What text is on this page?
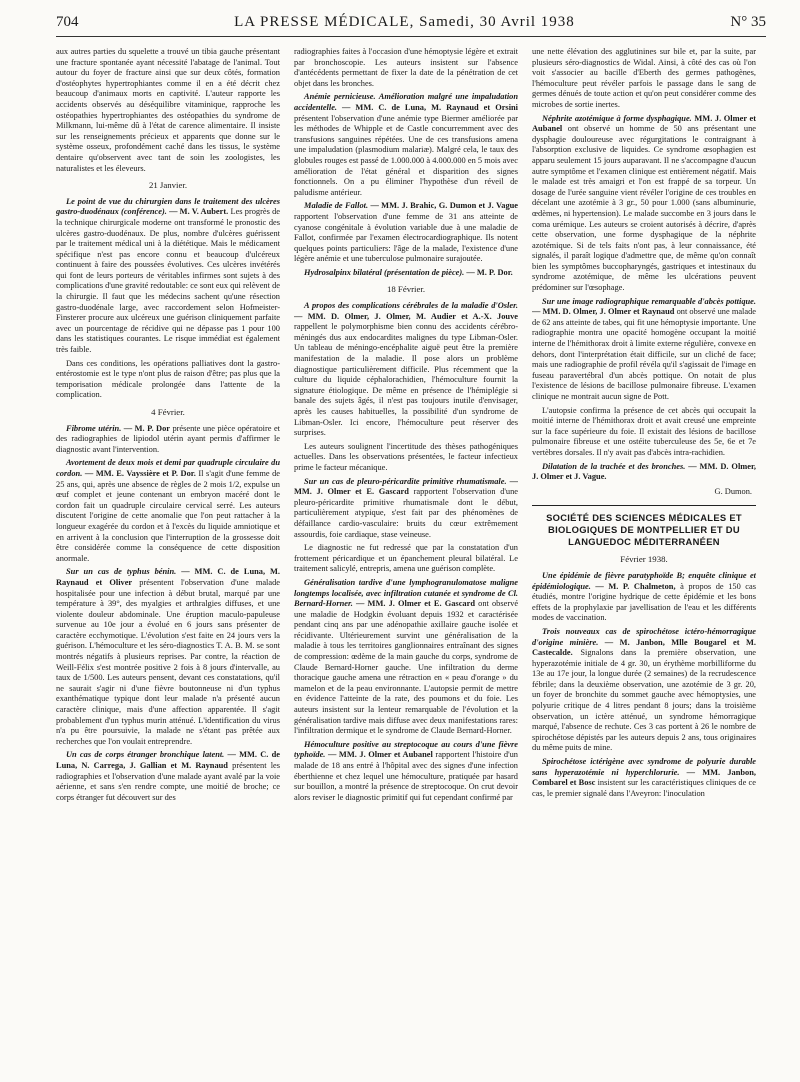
704	LA PRESSE MÉDICALE, Samedi, 30 Avril 1938	N° 35

aux autres parties du squelette a trouvé un tibia gauche présentant une fracture spontanée ayant nécessité l'abatage de l'animal. Tout autour du foyer de fracture ainsi que sur deux côtés, formation d'ostéophytes hypertrophiantes comme il en a été décrit chez beaucoup d'animaux morts en captivité. L'auteur rapporte les accidents observés au déséquilibre vitaminique, rapproche les ostéopathies hypertrophiantes des ostéopathies du syndrome de Milkmann, lui-même dû à l'état de carence alimentaire. Il insiste sur les renseignements précieux et apparents que donne sur le système osseux, profondément caché dans les tissus, le système dentaire qu'observent avec tant de soin les zoologistes, les naturalistes et les éleveurs.

21 Janvier.

Le point de vue du chirurgien dans le traitement des ulcères gastro-duodénaux (conférence). — M. V. Aubert. Les progrès de la technique chirurgicale moderne ont transformé le pronostic des ulcères gastro-duodénaux. De plus, nombre d'ulcères guérissent par le traitement médical uni à la diététique. Mais le médicament spécifique n'est pas encore connu et beaucoup d'ulcéreux continuent à faire des poussées évolutives. Ces ulcères invétérés qui font de leurs porteurs de véritables infirmes sont sujets à des complications d'une gravité redoutable: ce sont eux qui relèvent de la chirurgie. Il faut que les médecins sachent qu'une résection gastro-duodénale large, avec raccordement selon Hofmeister-Finsterer procure aux ulcéreux une guérison cliniquement parfaite avec un pourcentage de récidive qui ne dépasse pas 1 pour 100 dans les statistiques courantes. Le risque immédiat est également très faible.

Dans ces conditions, les opérations palliatives dont la gastro-entérostomie est le type n'ont plus de raison d'être; pas plus que la temporisation médicale prolongée dans l'attente de la complication.

4 Février.

Fibrome utérin. — M. P. Dor présente une pièce opératoire et des radiographies de lipiodol utérin ayant permis d'affirmer le diagnostic avant l'intervention.

Avortement de deux mois et demi par quadruple circulaire du cordon. — MM. E. Vayssière et P. Dor. Il s'agit d'une femme de 25 ans, qui, après une absence de règles de 2 mois 1/2, expulse un œuf complet et jeune contenant un embryon macéré dont le cordon fait un quadruple circulaire cervical serré. Les auteurs discutent l'origine de cette anomalie que l'on peut rattacher à la longueur exagérée du cordon et à l'excès du liquide amniotique et en arrivent à la conclusion que l'interruption de la grossesse doit être considérée comme la conséquence de cette disposition anormale.

Sur un cas de typhus bénin. — MM. C. de Luna, M. Raynaud et Oliver présentent l'observation d'une malade hospitalisée pour une infection à début brutal, marqué par une température à 39°, des myalgies et arthralgies diffuses, et une violente douleur abdominale. Une éruption maculo-papuleuse survenue au 10e jour a évolué en 6 jours sans présenter de caractère ecchymotique. L'évolution s'est faite en 24 jours vers la guérison. L'hémoculture et les séro-diagnostics T. A. B. M. se sont montrés négatifs à plusieurs reprises. Par contre, la réaction de Weill-Félix s'est montrée positive 2 fois à 8 jours d'intervalle, au taux de 1/500. Les auteurs pensent, devant ces constatations, qu'il ne saurait s'agir ni d'une fièvre boutonneuse ni d'un typhus exanthématique typique dont leur malade n'a présenté aucun caractère clinique, mais d'une affection apparentée. Il s'agit probablement d'un typhus murin atténué. L'identification du virus n'a pu être poursuivie, la malade ne s'étant pas prêtée aux recherches que l'on voulait entreprendre.

Un cas de corps étranger bronchique latent. — MM. C. de Luna, N. Carrega, J. Gallian et M. Raynaud présentent les radiographies et l'observation d'une malade ayant avalé par la voie aérienne, et sans s'en rendre compte, une moitié de broche; ce corps étranger fut découvert sur des

radiographies faites à l'occasion d'une hémoptysie légère et extrait par bronchoscopie. Les auteurs insistent sur l'absence d'antécédents permettant de fixer la date de la pénétration de cet objet dans les bronches.

Anémie pernicieuse. Amélioration malgré une impaludation accidentelle. — MM. C. de Luna, M. Raynaud et Orsini présentent l'observation d'une anémie type Biermer améliorée par les méthodes de Whipple et de Castle concurremment avec des transfusions sanguines répétées. Une de ces transfusions amena une impaludation (plasmodium malariæ). Malgré cela, le taux des globules rouges est passé de 1.000.000 à 4.000.000 en 5 mois avec amélioration de l'état général et disparition des signes fonctionnels. On a pu éliminer l'hypothèse d'un réveil de paludisme antérieur.

Maladie de Fallot. — MM. J. Brahic, G. Dumon et J. Vague rapportent l'observation d'une femme de 31 ans atteinte de cyanose congénitale à évolution variable due à une maladie de Fallot, confirmée par l'examen électrocardiographique. Ils notent quelques points particuliers: l'âge de la malade, l'existence d'une légère anémie et une tuberculose pulmonaire surajoutée.

Hydrosalpinx bilatéral (présentation de pièce). — M. P. Dor.

18 Février.

A propos des complications cérébrales de la maladie d'Osler. — MM. D. Olmer, J. Olmer, M. Audier et A.-X. Jouve rappellent le polymorphisme bien connu des accidents cérébro-méningés dus aux endocardites malignes du type Libman-Osler. Un tableau de méningo-encéphalite aiguë peut être la première manifestation de la maladie. Il pose alors un problème diagnostique particulièrement difficile. Plus récemment que la culture du liquide céphalorachidien, l'hémoculture fournit la signature étiologique. De même en présence de l'hémiplégie si banale des sujets âgés, il n'est pas toujours inutile d'envisager, après les causes habituelles, la possibilité d'un syndrome de Libman-Osler. Ici encore, l'hémoculture peut réserver des surprises.

Les auteurs soulignent l'incertitude des thèses pathogéniques actuelles. Dans les observations présentées, le facteur infectieux prime le facteur mécanique.

Sur un cas de pleuro-péricardite primitive rhumatismale. — MM. J. Olmer et E. Gascard rapportent l'observation d'une pleuro-péricardite primitive rhumatismale dont le début, particulièrement atypique, s'est fait par des phénomènes de défaillance cardio-vasculaire: bruits du cœur extrêmement assourdis, foie cardiaque, stase veineuse.

Le diagnostic ne fut redressé que par la constatation d'un frottement péricardique et un épanchement pleural bilatéral. Le traitement salicylé, entrepris, amena une guérison complète.

Généralisation tardive d'une lymphogranulomatose maligne longtemps localisée, avec infiltration cutanée et syndrome de Cl. Bernard-Horner. — MM. J. Olmer et E. Gascard ont observé une maladie de Hodgkin évoluant depuis 1932 et caractérisée pendant cinq ans par une adénopathie axillaire gauche isolée et récidivante. Ultérieurement survint une généralisation de la maladie à tous les territoires ganglionnaires entraînant des signes de compression: œdème de la main gauche du corps, syndrome de Claude Bernard-Horner gauche. Une infiltration du derme thoracique gauche amena une rétraction en « peau d'orange » du mamelon et de la peau environnante. L'autopsie permit de mettre en évidence l'atteinte de la rate, des poumons et du foie. Les auteurs insistent sur la lenteur remarquable de l'évolution et la généralisation tardive mais diffuse avec deux manifestations rares: l'infiltration dermique et le syndrome de Claude Bernard-Horner.

Hémoculture positive au streptocoque au cours d'une fièvre typhoïde. — MM. J. Olmer et Aubanel rapportent l'histoire d'un malade de 18 ans entré à l'hôpital avec des signes d'une infection éberthienne et chez lequel une hémoculture, pratiquée par hasard sur bouillon, a montré la présence de streptocoque. On crut devoir alors reviser le diagnostic primitif qui fut cependant confirmé par

une nette élévation des agglutinines sur bile et, par la suite, par plusieurs séro-diagnostics de Widal. Ainsi, à côté des cas où l'on voit s'associer au bacille d'Eberth des germes pathogènes, l'hémoculture peut révéler parfois le passage dans le sang de germes dénués de toute action et qu'on peut considérer comme des microbes de sortie inertes.

Néphrite azotémique à forme dysphagique. MM. J. Olmer et Aubanel ont observé un homme de 50 ans présentant une dysphagie douloureuse avec régurgitations le contraignant à l'absorption exclusive de liquides. Ce syndrome œsophagien est apparu seulement 15 jours auparavant. Il ne s'accompagne d'aucun autre symptôme et l'examen clinique est entièrement négatif. Mais le malade est très amaigri et l'on est frappé de sa torpeur. Un dosage de l'urée sanguine vient révéler l'origine de ces troubles en décelant une azotémie à 3 gr., 50 pour 1.000 (sans albuminurie, œdèmes, ni hypertension). Le malade succombe en 3 jours dans le coma urémique. Les auteurs se croient autorisés à décrire, d'après cette observation, une forme dysphagique de la néphrite azotémique. Si de tels faits n'ont pas, à leur connaissance, été signalés, il paraît logique d'admettre que, de même qu'on connaît bien les symptômes buccopharyngés, gastriques et intestinaux du syndrome azotémique, de même les ulcérations peuvent prédominer sur l'œsophage.

Sur une image radiographique remarquable d'abcès pottique. — MM. D. Olmer, J. Olmer et Raynaud ont observé une malade de 62 ans atteinte de tabes, qui fit une hémoptysie importante. Une radiographie montra une opacité homogène occupant la moitié interne de l'hémithorax droit à limite externe régulière, convexe en dehors, dont l'interprétation était difficile, sur un cliché de face; mais une radiographie de profil révéla qu'il s'agissait de l'image en fuseau paravertébral d'un abcès pottique. On notait de plus l'existence de lésions de bacillose pulmonaire fibreuse. L'examen clinique ne montrait aucun signe de Pott.

L'autopsie confirma la présence de cet abcès qui occupait la moitié interne de l'hémithorax droit et avait creusé une empreinte sur la face supérieure du foie. Il existait des lésions de bacillose pulmonaire fibreuse et une ostéite tuberculeuse des 5e, 6e et 7e vertèbres dorsales. Il n'y avait pas d'abcès intra-rachidien.

Dilatation de la trachée et des bronches. — MM. D. Olmer, J. Olmer et J. Vague.

G. Dumon.
SOCIÉTÉ DES SCIENCES MÉDICALES ET BIOLOGIQUES DE MONTPELLIER ET DU LANGUEDOC MÉDITERRANÉEN
Février 1938.

Une épidémie de fièvre paratyphoïde B; enquête clinique et épidémiologique. — M. P. Chalmeton, à propos de 150 cas étudiés, montre l'origine hydrique de cette épidémie et les bons effets de la prophylaxie par javellisation de l'eau et les différents modes de vaccination.

Trois nouveaux cas de spirochétose ictéro-hémorragique d'origine minière. — M. Janbon, Mlle Bougarel et M. Castecalde. Signalons dans la première observation, une hyperazotémie initiale de 4 gr. 30, un érythème morbilliforme du 13e au 17e jour, la longue durée (2 semaines) de la recrudescence fébrile; dans la deuxième observation, une azotémie de 3 gr. 20, un foyer de bronchite du sommet gauche avec hémoptysies, une polyurie critique de 4 litres pendant 8 jours; dans la troisième observation, un ictère atténué, un syndrome hémorragique marqué, l'absence de rechute. Ces 3 cas portent à 26 le nombre de spirochétose dépistés par les auteurs depuis 2 ans, tous originaires du même puits de mine.

Spirochétose ictérigène avec syndrome de polyurie durable sans hyperazotémie ni hyperchlorurie. — MM. Janbon, Combarel et Bosc insistent sur les caractéristiques cliniques de ce cas, le premier signalé dans l'Aveyron: l'inoculation
